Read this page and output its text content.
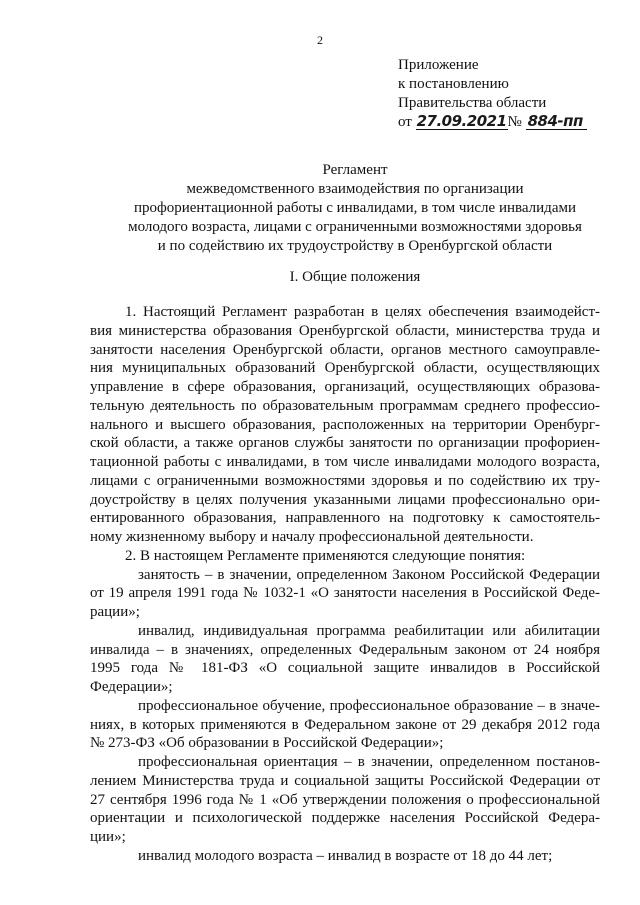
2
Приложение
к постановлению
Правительства области
от 27.09.2021№ 884-пп
Регламент
межведомственного взаимодействия по организации
профориентационной работы с инвалидами, в том числе инвалидами
молодого возраста, лицами с ограниченными возможностями здоровья
и по содействию их трудоустройству в Оренбургской области
I. Общие положения
1. Настоящий Регламент разработан в целях обеспечения взаимодейст-
вия министерства образования Оренбургской области, министерства труда и
занятости населения Оренбургской области, органов местного самоуправле-
ния муниципальных образований Оренбургской области, осуществляющих
управление в сфере образования, организаций, осуществляющих образова-
тельную деятельность по образовательным программам среднего профессио-
нального и высшего образования, расположенных на территории Оренбург-
ской области, а также органов службы занятости по организации профориен-
тационной работы с инвалидами, в том числе инвалидами молодого возраста,
лицами с ограниченными возможностями здоровья и по содействию их тру-
доустройству в целях получения указанными лицами профессионально ори-
ентированного образования, направленного на подготовку к самостоятель-
ному жизненному выбору и началу профессиональной деятельности.
2. В настоящем Регламенте применяются следующие понятия:
занятость – в значении, определенном Законом Российской Федерации
от 19 апреля 1991 года № 1032-1 «О занятости населения в Российской Феде-
рации»;
инвалид, индивидуальная программа реабилитации или абилитации
инвалида – в значениях, определенных Федеральным законом от 24 ноября
1995 года № 181-ФЗ «О социальной защите инвалидов в Российской
Федерации»;
профессиональное обучение, профессиональное образование – в значе-
ниях, в которых применяются в Федеральном законе от 29 декабря 2012 года
№ 273-ФЗ «Об образовании в Российской Федерации»;
профессиональная ориентация – в значении, определенном постанов-
лением Министерства труда и социальной защиты Российской Федерации от
27 сентября 1996 года № 1 «Об утверждении положения о профессиональной
ориентации и психологической поддержке населения Российской Федера-
ции»;
инвалид молодого возраста – инвалид в возрасте от 18 до 44 лет;
